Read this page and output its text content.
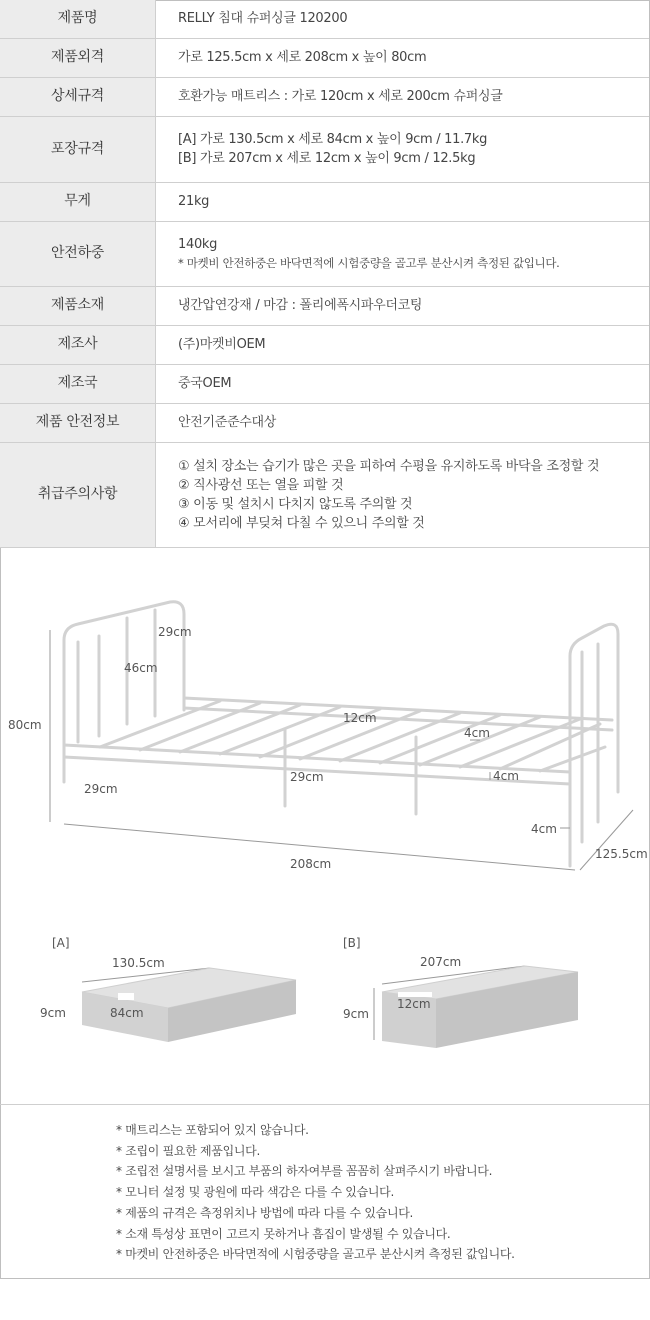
제품명	RELLY 침대 슈퍼싱글 120200

제품외격	가로 125.5cm x 세로 208cm x 높이 80cm

상세규격	호환가능 매트리스 : 가로 120cm x 세로 200cm 슈퍼싱글

포장규격	[A] 가로 130.5cm x 세로 84cm x 높이 9cm / 11.7kg
[B] 가로 207cm x 세로 12cm x 높이 9cm / 12.5kg

무게	21kg

안전하중	140kg
* 마켓비 안전하중은 바닥면적에 시험중량을 골고루 분산시켜 측정된 값입니다.

제품소재	냉간압연강재 / 마감 : 폴리에폭시파우더코팅

제조사	(주)마켓비OEM

제조국	중국OEM

제품 안전정보	안전기준준수대상

취급주의사항	① 설치 장소는 습기가 많은 곳을 피하여 수평을 유지하도록 바닥을 조정할 것
② 직사광선 또는 열을 피할 것
③ 이동 및 설치시 다치지 않도록 주의할 것
④ 모서리에 부딪쳐 다칠 수 있으니 주의할 것
29cm
46cm
80cm
29cm
29cm
12cm
4cm
4cm
4cm
208cm
125.5cm
[A]
130.5cm
9cm	84cm
[B]
207cm
9cm
12cm
* 매트리스는 포함되어 있지 않습니다.
* 조립이 필요한 제품입니다.
* 조립전 설명서를 보시고 부품의 하자여부를 꼼꼼히 살펴주시기 바랍니다.
* 모니터 설정 및 광원에 따라 색감은 다를 수 있습니다.
* 제품의 규격은 측정위치나 방법에 따라 다를 수 있습니다.
* 소재 특성상 표면이 고르지 못하거나 흠집이 발생될 수 있습니다.
* 마켓비 안전하중은 바닥면적에 시험중량을 골고루 분산시켜 측정된 값입니다.
